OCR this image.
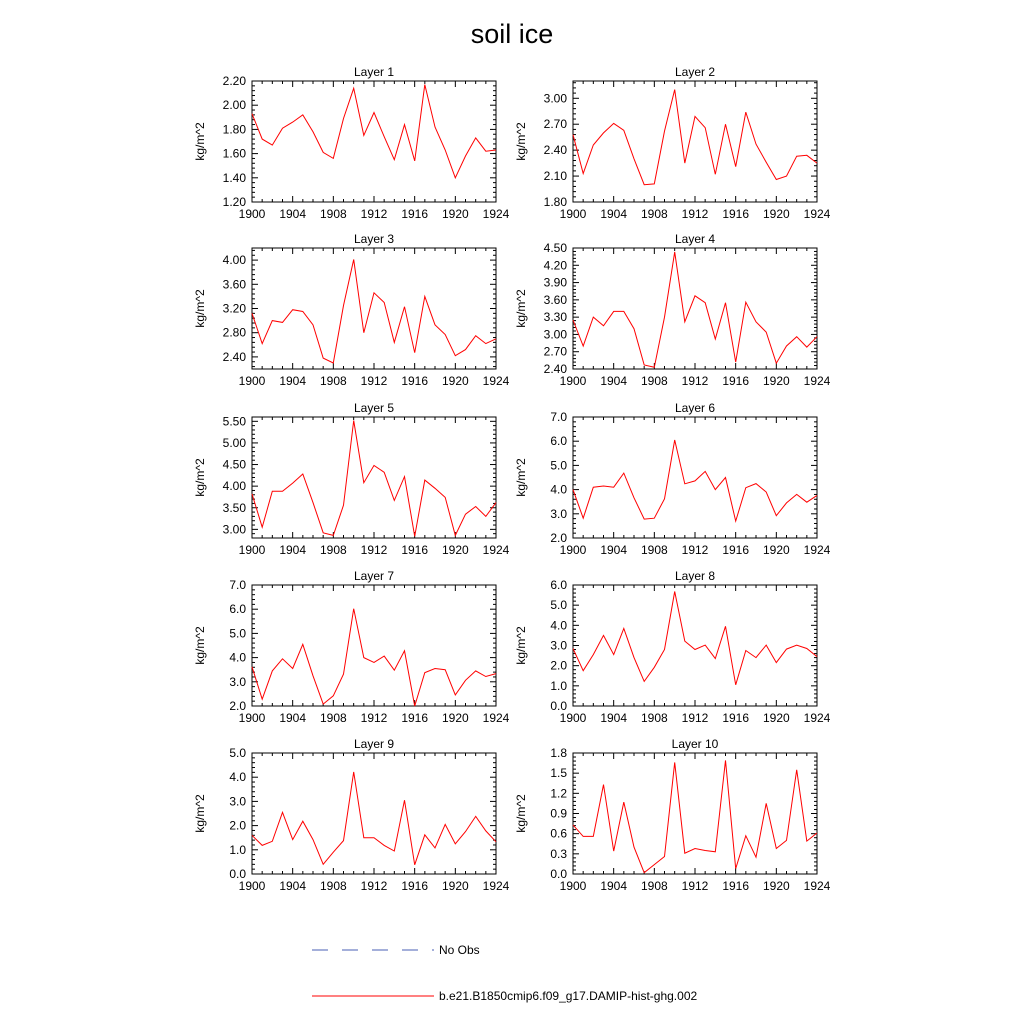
soil ice
Layer 1
kg/m^2
1900 1904 1908 1912 1916 1920 1924
1.20
1.40
1.60
1.80
2.00
2.20
Layer 2
kg/m^2
1900 1904 1908 1912 1916 1920 1924
1.80
2.10
2.40
2.70
3.00
Layer 3
kg/m^2
1900 1904 1908 1912 1916 1920 1924
2.40
2.80
3.20
3.60
4.00
Layer 4
kg/m^2
1900 1904 1908 1912 1916 1920 1924
2.40
2.70
3.00
3.30
3.60
3.90
4.20
4.50
Layer 5
kg/m^2
1900 1904 1908 1912 1916 1920 1924
3.00
3.50
4.00
4.50
5.00
5.50
Layer 6
kg/m^2
1900 1904 1908 1912 1916 1920 1924
2.0
3.0
4.0
5.0
6.0
7.0
Layer 7
kg/m^2
1900 1904 1908 1912 1916 1920 1924
2.0
3.0
4.0
5.0
6.0
7.0
Layer 8
kg/m^2
1900 1904 1908 1912 1916 1920 1924
0.0
1.0
2.0
3.0
4.0
5.0
6.0
Layer 9
kg/m^2
1900 1904 1908 1912 1916 1920 1924
0.0
1.0
2.0
3.0
4.0
5.0
Layer 10
kg/m^2
1900 1904 1908 1912 1916 1920 1924
0.0
0.3
0.6
0.9
1.2
1.5
1.8
No Obs
b.e21.B1850cmip6.f09_g17.DAMIP-hist-ghg.002
